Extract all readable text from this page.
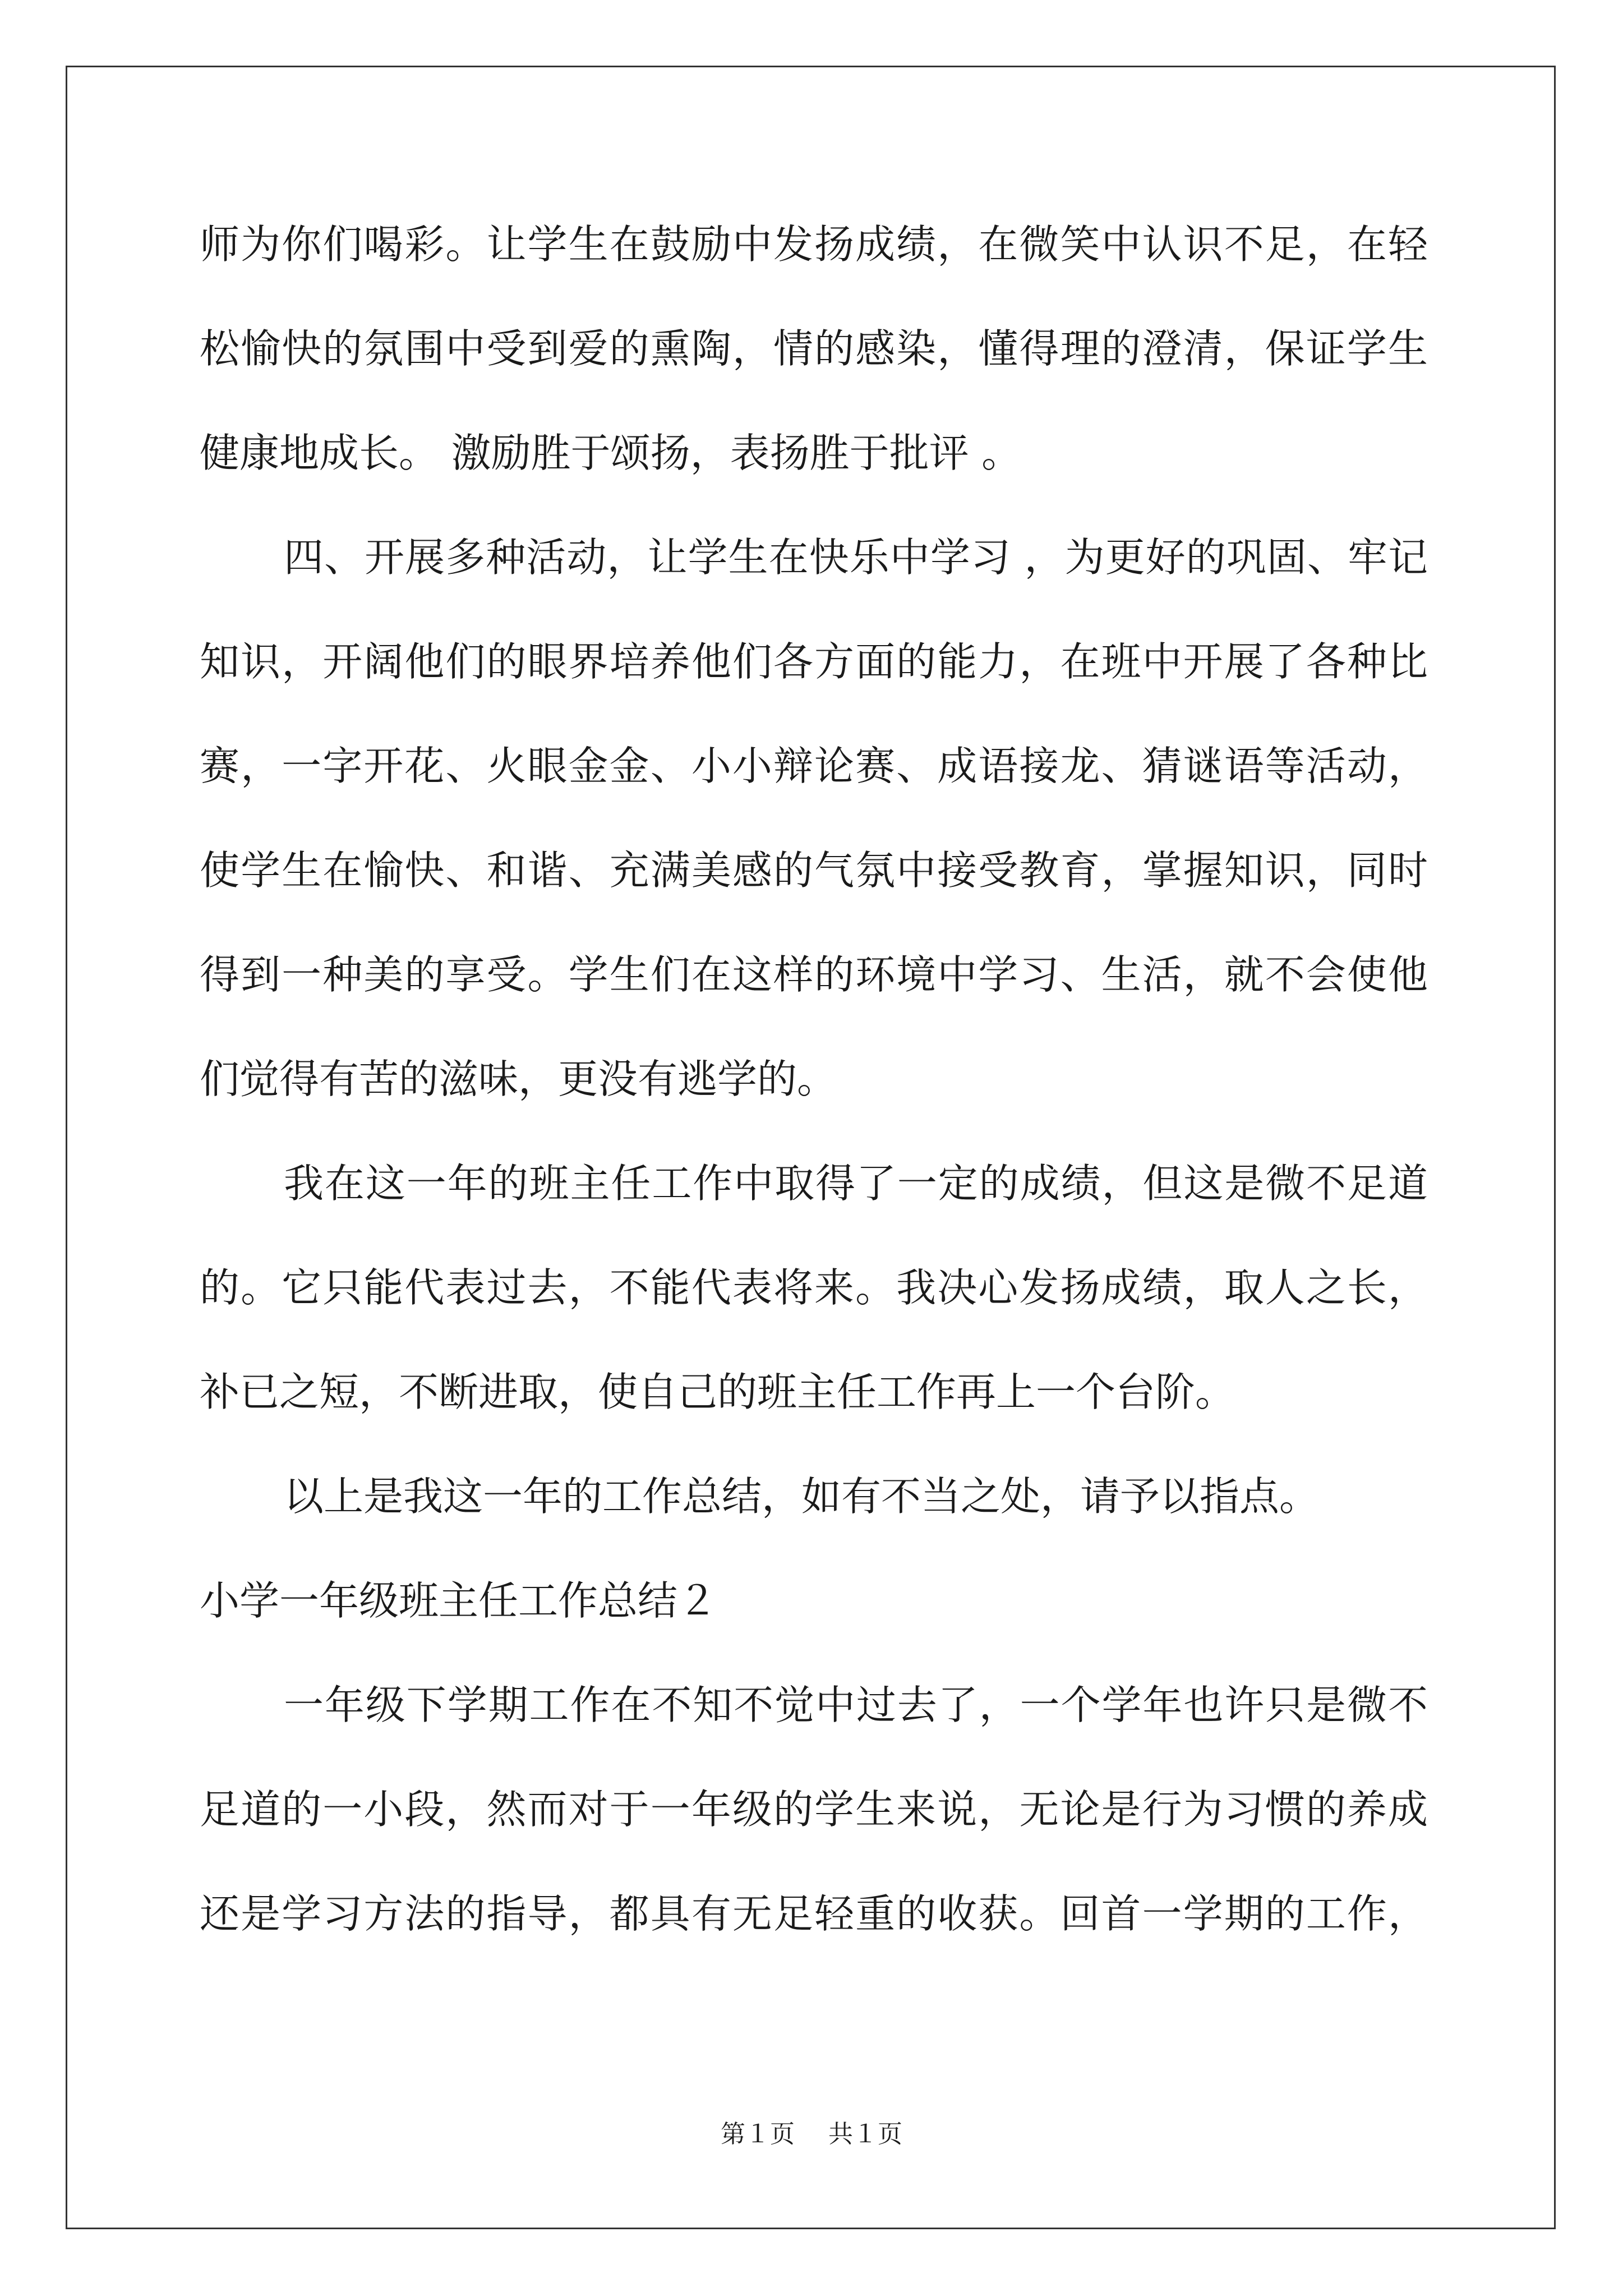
师为你们喝彩。让学生在鼓励中发扬成绩，在微笑中认识不足，在轻
松愉快的氛围中受到爱的熏陶，情的感染，懂得理的澄清，保证学生
健康地成长。 激励胜于颂扬，表扬胜于批评 。
四、开展多种活动，让学生在快乐中学习 ，为更好的巩固、牢记
知识，开阔他们的眼界培养他们各方面的能力，在班中开展了各种比
赛，一字开花、火眼金金、小小辩论赛、成语接龙、猜谜语等活动，
使学生在愉快、和谐、充满美感的气氛中接受教育，掌握知识，同时
得到一种美的享受。学生们在这样的环境中学习、生活，就不会使他
们觉得有苦的滋味，更没有逃学的。
我在这一年的班主任工作中取得了一定的成绩，但这是微不足道
的。它只能代表过去，不能代表将来。我决心发扬成绩，取人之长，
补已之短，不断进取，使自己的班主任工作再上一个台阶。
以上是我这一年的工作总结，如有不当之处，请予以指点。
小学一年级班主任工作总结２
一年级下学期工作在不知不觉中过去了，一个学年也许只是微不
足道的一小段，然而对于一年级的学生来说，无论是行为习惯的养成
还是学习方法的指导，都具有无足轻重的收获。回首一学期的工作，
第１页 共１页
